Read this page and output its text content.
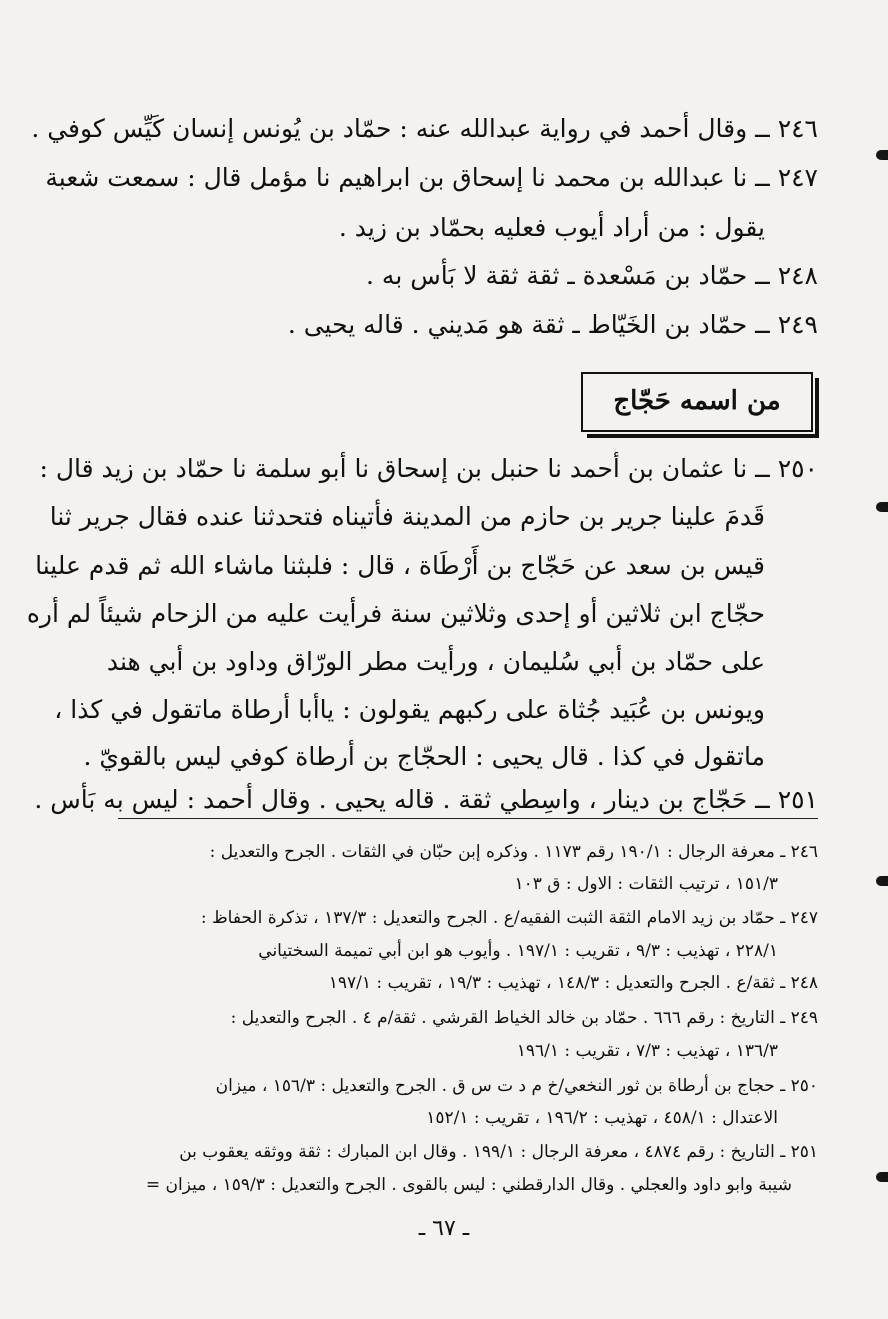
٢٤٦ ــ وقال أحمد في رواية عبدالله عنه : حمّاد بن يُونس إنسان كَيِّس كوفي .
٢٤٧ ــ نا عبدالله بن محمد نا إسحاق بن ابراهيم نا مؤمل قال : سمعت شعبة
يقول : من أراد أيوب فعليه بحمّاد بن زيد .
٢٤٨ ــ حمّاد بن مَسْعدة ـ ثقة ثقة لا بَأس به .
٢٤٩ ــ حمّاد بن الخَيّاط ـ ثقة هو مَديني . قاله يحيى .
من اسمه حَجّاج
٢٥٠ ــ نا عثمان بن أحمد نا حنبل بن إسحاق نا أبو سلمة نا حمّاد بن زيد قال :
قَدمَ علينا جرير بن حازم من المدينة فأتيناه فتحدثنا عنده فقال جرير ثنا
قيس بن سعد عن حَجّاج بن أَرْطَاة ، قال : فلبثنا ماشاء الله ثم قدم علينا
حجّاج ابن ثلاثين أو إحدى وثلاثين سنة فرأيت عليه من الزحام شيئاً لم أره
على حمّاد بن أبي سُليمان ، ورأيت مطر الورّاق وداود بن أبي هند
ويونس بن عُبَيد جُثاة على ركبهم يقولون : ياأبا أرطاة ماتقول في كذا ،
ماتقول في كذا . قال يحيى : الحجّاج بن أرطاة كوفي ليس بالقويّ .
٢٥١ ــ حَجّاج بن دينار ، واسِطي ثقة . قاله يحيى . وقال أحمد : ليس به بَأس .
٢٤٦ ـ معرفة الرجال : ١٩٠/١ رقم ١١٧٣ . وذكره إبن حبّان في الثقات . الجرح والتعديل :
١٥١/٣ ، ترتيب الثقات : الاول : ق ١٠٣
٢٤٧ ـ حمّاد بن زيد الامام الثقة الثبت الفقيه/ع . الجرح والتعديل : ١٣٧/٣ ، تذكرة الحفاظ :
٢٢٨/١ ، تهذيب : ٩/٣ ، تقريب : ١٩٧/١ . وأيوب هو ابن أبي تميمة السختياني
٢٤٨ ـ ثقة/ع . الجرح والتعديل : ١٤٨/٣ ، تهذيب : ١٩/٣ ، تقريب : ١٩٧/١
٢٤٩ ـ التاريخ : رقم ٦٦٦ . حمّاد بن خالد الخياط القرشي . ثقة/م ٤ . الجرح والتعديل :
١٣٦/٣ ، تهذيب : ٧/٣ ، تقريب : ١٩٦/١
٢٥٠ ـ حجاج بن أرطاة بن ثور النخعي/خ م د ت س ق . الجرح والتعديل : ١٥٦/٣ ، ميزان
الاعتدال : ٤٥٨/١ ، تهذيب : ١٩٦/٢ ، تقريب : ١٥٢/١
٢٥١ ـ التاريخ : رقم ٤٨٧٤ ، معرفة الرجال : ١٩٩/١ . وقال ابن المبارك : ثقة ووثقه يعقوب بن
شيبة وابو داود والعجلي . وقال الدارقطني : ليس بالقوى . الجرح والتعديل : ١٥٩/٣ ، ميزان =
ـ ٦٧ ـ
